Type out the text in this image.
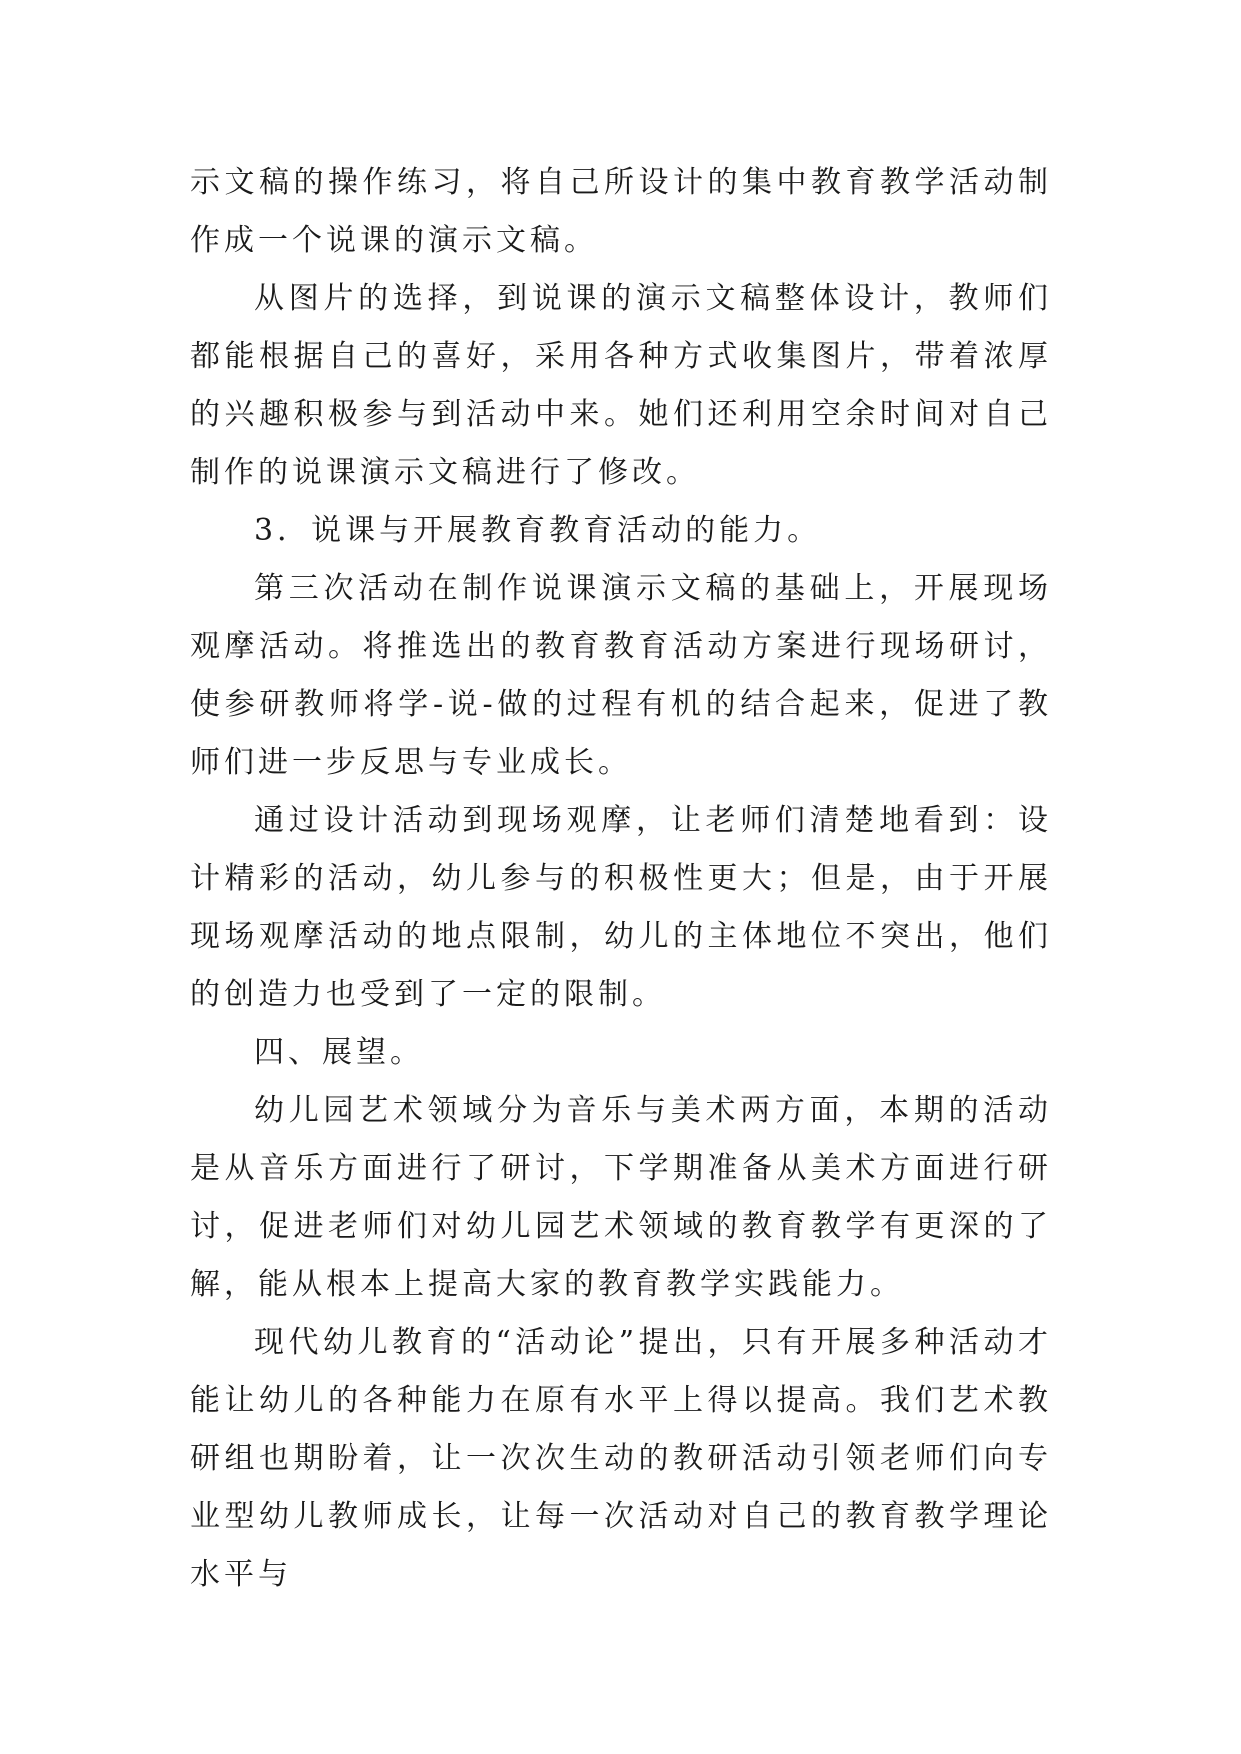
示文稿的操作练习，将自己所设计的集中教育教学活动制作成一个说课的演示文稿。

从图片的选择，到说课的演示文稿整体设计，教师们都能根据自己的喜好，采用各种方式收集图片，带着浓厚的兴趣积极参与到活动中来。她们还利用空余时间对自己制作的说课演示文稿进行了修改。

3．说课与开展教育教育活动的能力。

第三次活动在制作说课演示文稿的基础上，开展现场观摩活动。将推选出的教育教育活动方案进行现场研讨，使参研教师将学-说-做的过程有机的结合起来，促进了教师们进一步反思与专业成长。

通过设计活动到现场观摩，让老师们清楚地看到：设计精彩的活动，幼儿参与的积极性更大；但是，由于开展现场观摩活动的地点限制，幼儿的主体地位不突出，他们的创造力也受到了一定的限制。

四、展望。

幼儿园艺术领域分为音乐与美术两方面，本期的活动是从音乐方面进行了研讨，下学期准备从美术方面进行研讨，促进老师们对幼儿园艺术领域的教育教学有更深的了解，能从根本上提高大家的教育教学实践能力。

现代幼儿教育的“活动论”提出，只有开展多种活动才能让幼儿的各种能力在原有水平上得以提高。我们艺术教研组也期盼着，让一次次生动的教研活动引领老师们向专业型幼儿教师成长，让每一次活动对自己的教育教学理论水平与
